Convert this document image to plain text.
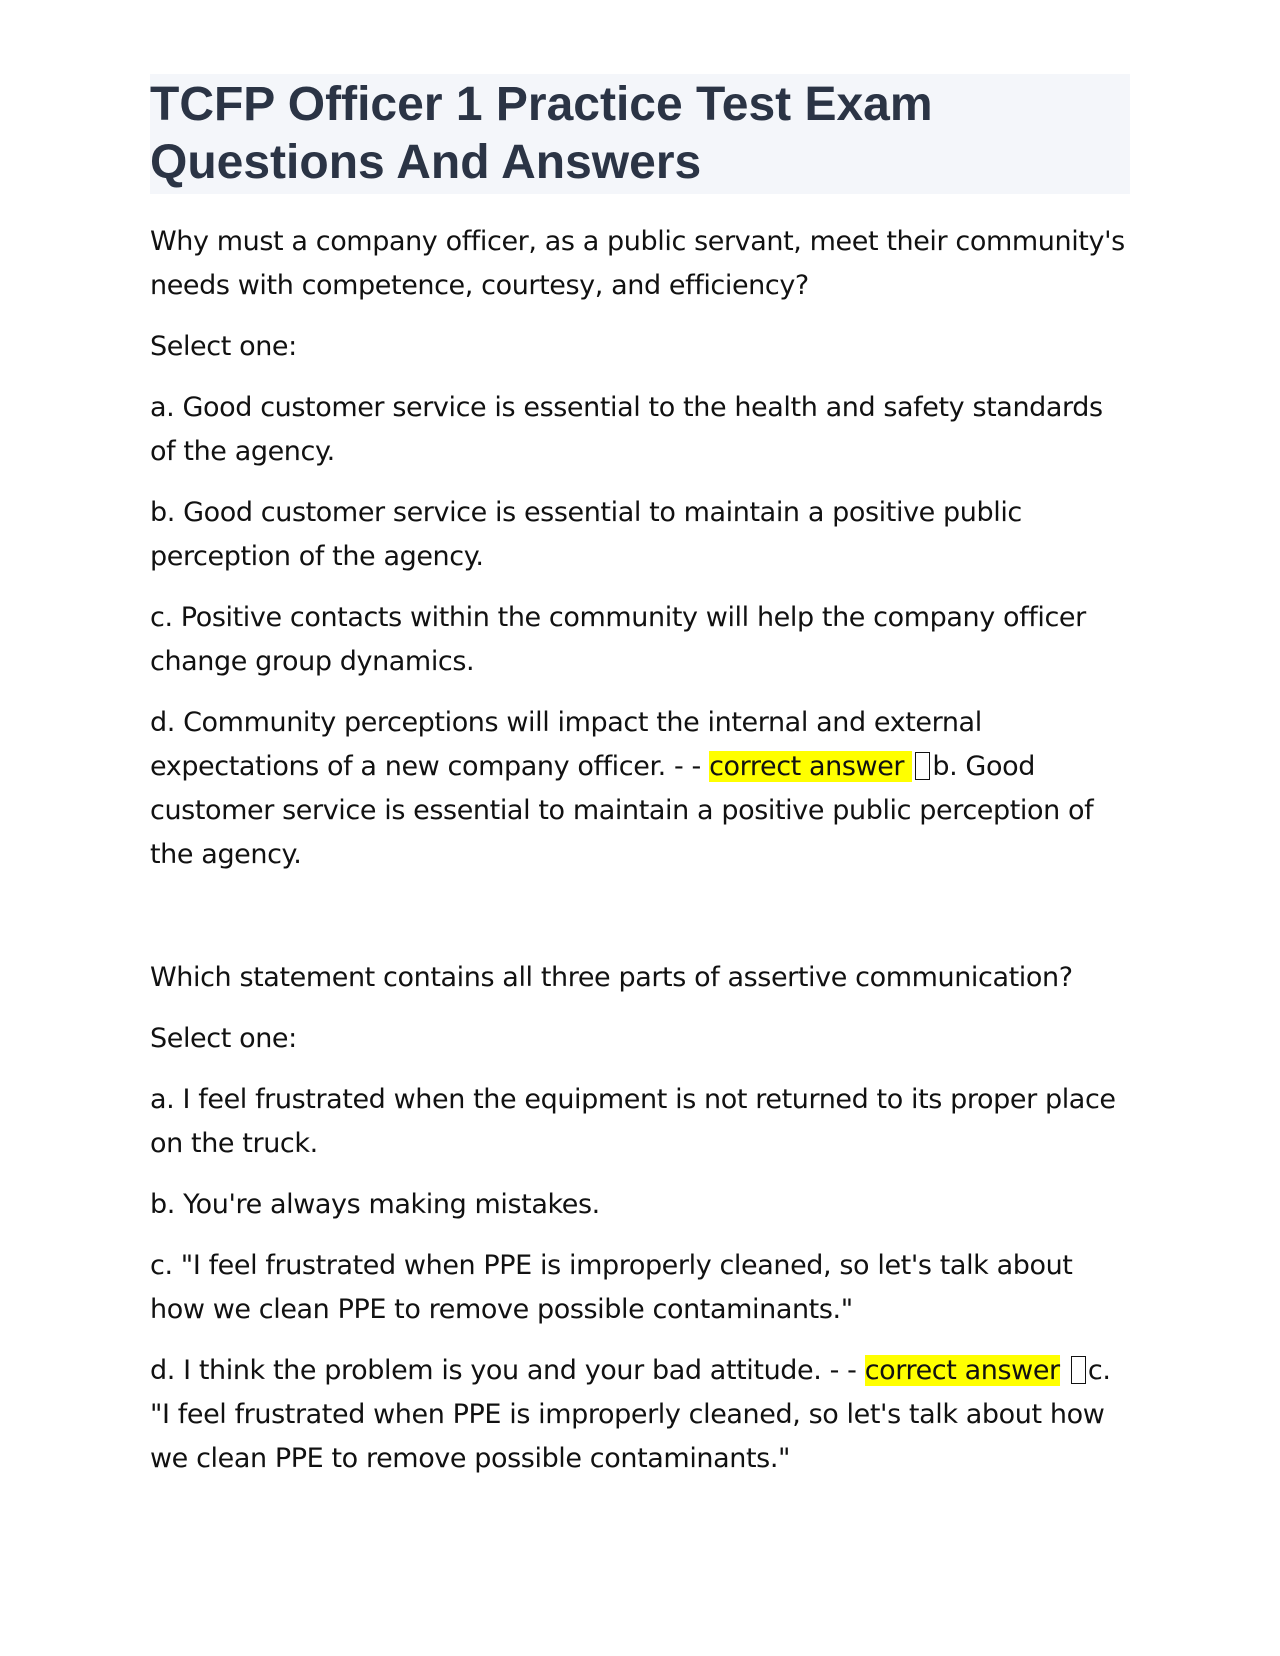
TCFP Officer 1 Practice Test Exam Questions And Answers

Why must a company officer, as a public servant, meet their community's needs with competence, courtesy, and efficiency?

Select one:

a. Good customer service is essential to the health and safety standards of the agency.

b. Good customer service is essential to maintain a positive public perception of the agency.

c. Positive contacts within the community will help the company officer change group dynamics.

d. Community perceptions will impact the internal and external expectations of a new company officer. - - correct answer b. Good customer service is essential to maintain a positive public perception of the agency.

Which statement contains all three parts of assertive communication?

Select one:

a. I feel frustrated when the equipment is not returned to its proper place on the truck.

b. You're always making mistakes.

c. "I feel frustrated when PPE is improperly cleaned, so let's talk about how we clean PPE to remove possible contaminants."

d. I think the problem is you and your bad attitude. - - correct answer c. "I feel frustrated when PPE is improperly cleaned, so let's talk about how we clean PPE to remove possible contaminants."
